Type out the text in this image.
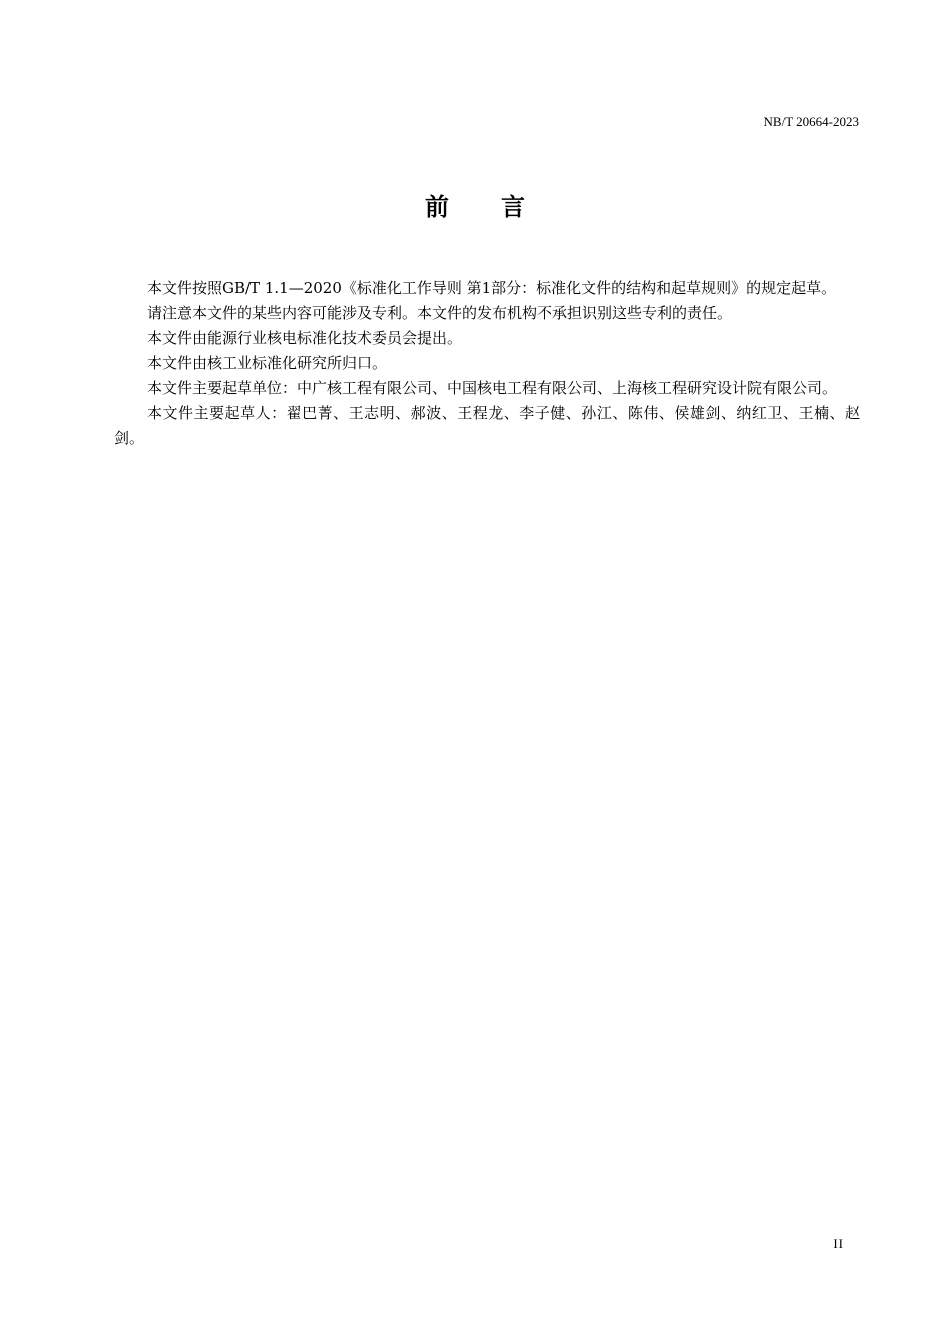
NB/T 20664-2023
前言

本文件按照GB/T 1.1—2020《标准化工作导则 第1部分：标准化文件的结构和起草规则》的规定起草。

请注意本文件的某些内容可能涉及专利。本文件的发布机构不承担识别这些专利的责任。

本文件由能源行业核电标准化技术委员会提出。

本文件由核工业标准化研究所归口。

本文件主要起草单位：中广核工程有限公司、中国核电工程有限公司、上海核工程研究设计院有限公司。

本文件主要起草人：翟巴菁、王志明、郝波、王程龙、李子健、孙江、陈伟、侯雄剑、纳红卫、王楠、赵剑。

II
